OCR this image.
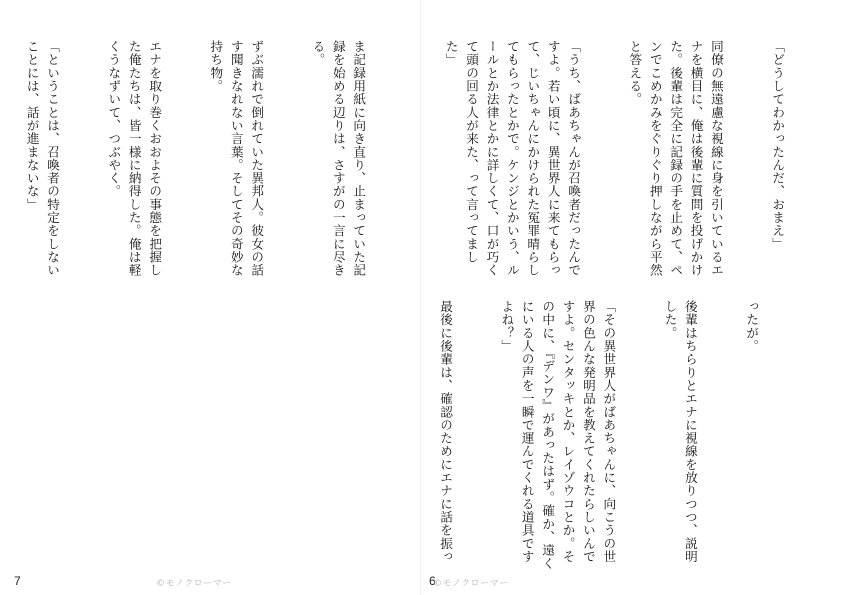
ま記録用紙に向き直り、止まっていた記録を始める辺りは、さすがの一言に尽きる。

ずぶ濡れで倒れていた異邦人。彼女の話す聞きなれない言葉。そしてその奇妙な持ち物。

エナを取り巻くおおよその事態を把握した俺たちは、皆一様に納得した。俺は軽くうなずいて、つぶやく。

「ということは、召喚者の特定をしないことには、話が進まないな」

7	©モノクローマー

「どうしてわかったんだ、おまえ」

同僚の無遠慮な視線に身を引いているエナを横目に、俺は後輩に質問を投げかけた。後輩は完全に記録の手を止めて、ペンでこめかみをぐりぐり押しながら平然と答える。

「うち、ばあちゃんが召喚者だったんですよ。若い頃に、異世界人に来てもらって、じいちゃんにかけられた冤罪晴らしてもらったとかで。ケンジとかいう、ルールとか法律とかに詳しくて、口が巧くて頭の回る人が来た、って言ってました」

ったが。

後輩はちらりとエナに視線を放りつつ、説明した。

「その異世界人がばあちゃんに、向こうの世界の色んな発明品を教えてくれたらしいんですよ。センタッキとか、レイゾウコとか。その中に、『デンワ』があったはず。確か、遠くにいる人の声を一瞬で運んでくれる道具ですよね？」

最後に後輩は、確認のためにエナに話を振っ

6
©モノクローマー
